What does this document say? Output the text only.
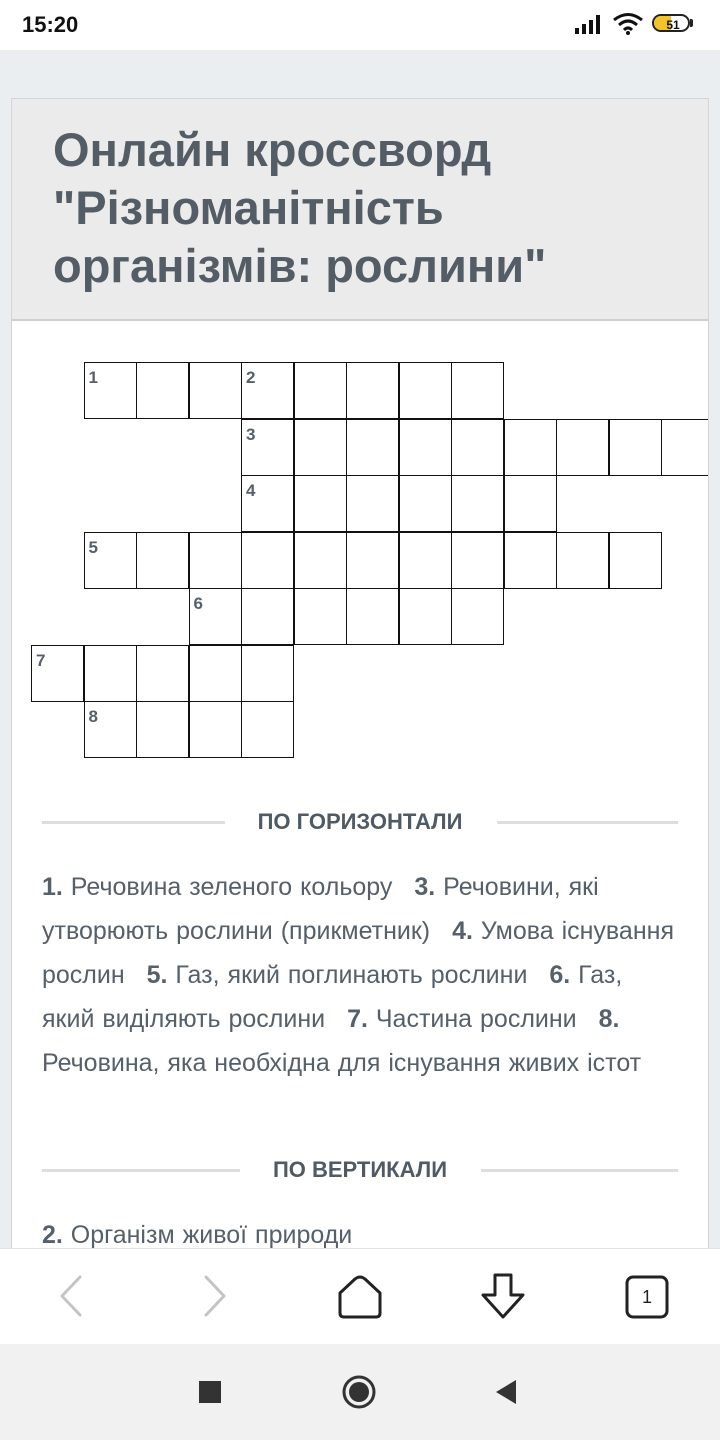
15:20	51
Онлайн кроссворд "Різноманітність організмів: рослини"
1	2
3
4
5
6
7
8
ПО ГОРИЗОНТАЛИ

1. Речовина зеленого кольору 3. Речовини, які утворюють рослини (прикметник) 4. Умова існування рослин 5. Газ, який поглинають рослини 6. Газ, який виділяють рослини 7. Частина рослини 8. Речовина, яка необхідна для існування живих істот

ПО ВЕРТИКАЛИ

2. Організм живої природи

1
